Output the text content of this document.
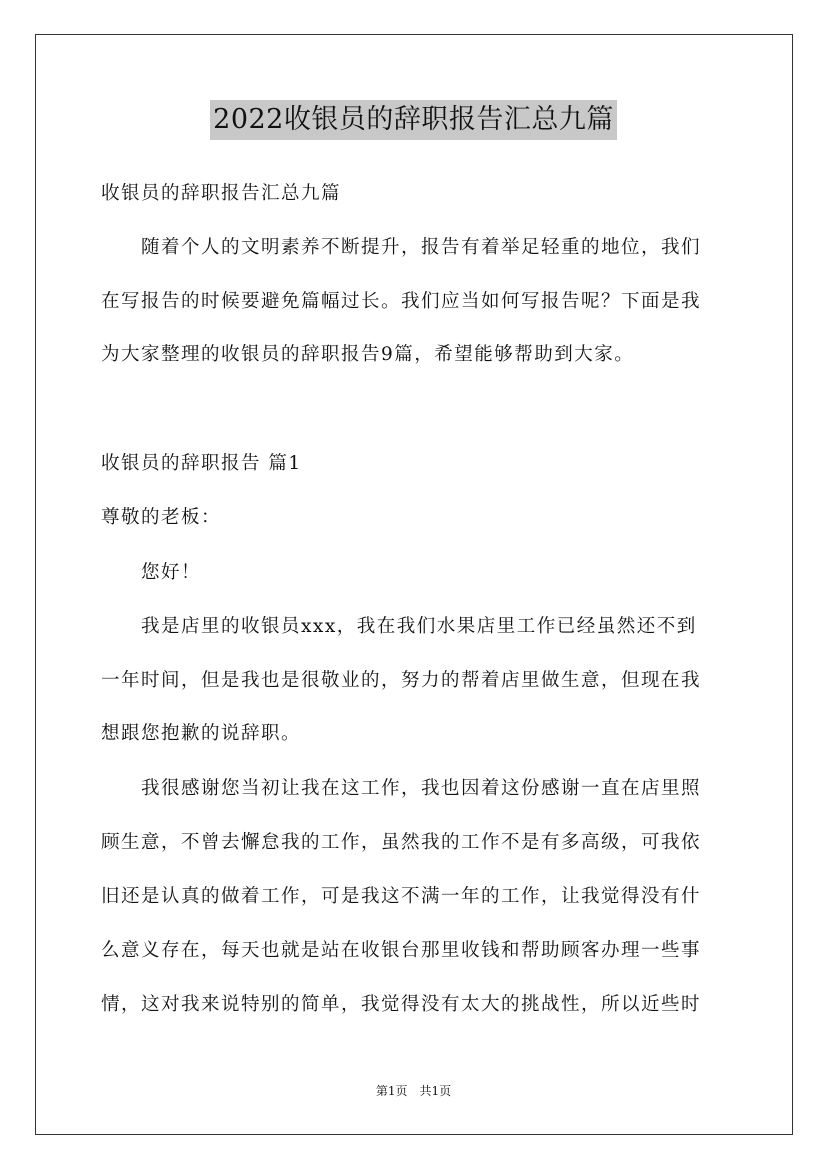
2022收银员的辞职报告汇总九篇
收银员的辞职报告汇总九篇
　　随着个人的文明素养不断提升，报告有着举足轻重的地位，我们
在写报告的时候要避免篇幅过长。我们应当如何写报告呢？下面是我
为大家整理的收银员的辞职报告9篇，希望能够帮助到大家。
收银员的辞职报告 篇1
尊敬的老板：
　　您好！
　　我是店里的收银员xxx，我在我们水果店里工作已经虽然还不到
一年时间，但是我也是很敬业的，努力的帮着店里做生意，但现在我
想跟您抱歉的说辞职。
　　我很感谢您当初让我在这工作，我也因着这份感谢一直在店里照
顾生意，不曾去懈怠我的工作，虽然我的工作不是有多高级，可我依
旧还是认真的做着工作，可是我这不满一年的工作，让我觉得没有什
么意义存在，每天也就是站在收银台那里收钱和帮助顾客办理一些事
情，这对我来说特别的简单，我觉得没有太大的挑战性，所以近些时
第1页　共1页
